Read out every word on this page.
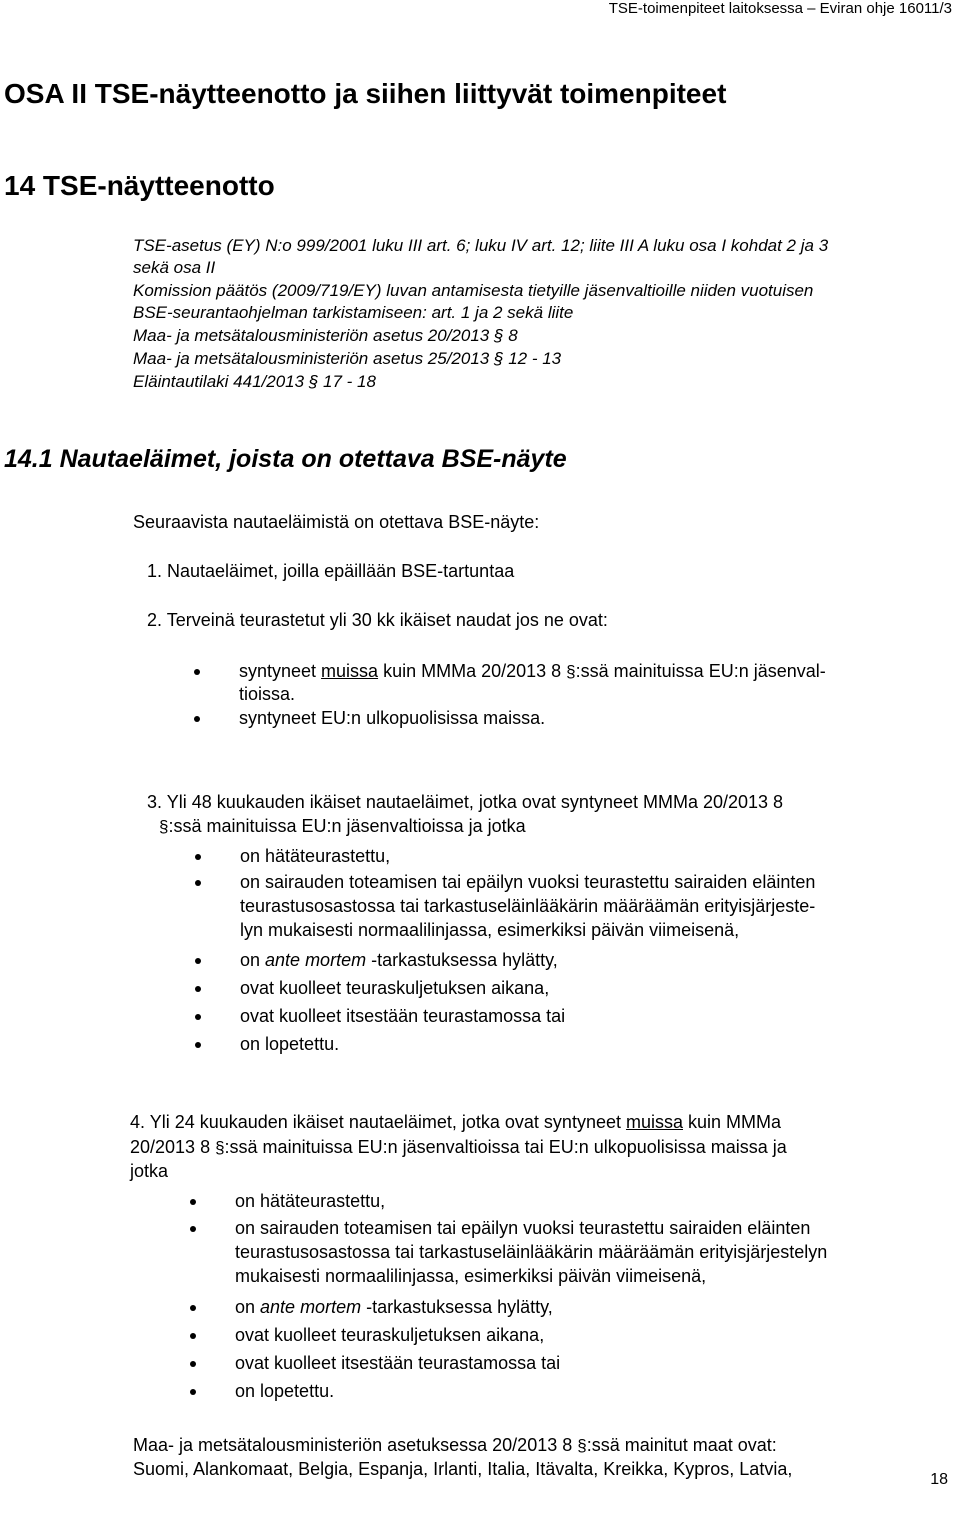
TSE-toimenpiteet laitoksessa – Eviran ohje 16011/3
OSA II TSE-näytteenotto ja siihen liittyvät toimenpiteet
14 TSE-näytteenotto
TSE-asetus (EY) N:o 999/2001 luku III art. 6; luku IV art. 12; liite III A luku osa I kohdat 2 ja 3
sekä osa II
Komission päätös (2009/719/EY) luvan antamisesta tietyille jäsenvaltioille niiden vuotuisen
BSE-seurantaohjelman tarkistamiseen: art. 1 ja 2 sekä liite
Maa- ja metsätalousministeriön asetus 20/2013 § 8
Maa- ja metsätalousministeriön asetus 25/2013 § 12 - 13
Eläintautilaki 441/2013 § 17 - 18
14.1 Nautaeläimet, joista on otettava BSE-näyte
Seuraavista nautaeläimistä on otettava BSE-näyte:
1. Nautaeläimet, joilla epäillään BSE-tartuntaa
2. Terveinä teurastetut yli 30 kk ikäiset naudat jos ne ovat:
syntyneet muissa kuin MMMa 20/2013 8 §:ssä mainituissa EU:n jäsenval-
tioissa.
syntyneet EU:n ulkopuolisissa maissa.
3. Yli 48 kuukauden ikäiset nautaeläimet, jotka ovat syntyneet MMMa 20/2013 8
§:ssä mainituissa EU:n jäsenvaltioissa ja jotka
on hätäteurastettu,
on sairauden toteamisen tai epäilyn vuoksi teurastettu sairaiden eläinten
teurastusosastossa tai tarkastuseläinlääkärin määräämän erityisjärjeste-
lyn mukaisesti normaalilinjassa, esimerkiksi päivän viimeisenä,
on ante mortem -tarkastuksessa hylätty,
ovat kuolleet teuraskuljetuksen aikana,
ovat kuolleet itsestään teurastamossa tai
on lopetettu.
4. Yli 24 kuukauden ikäiset nautaeläimet, jotka ovat syntyneet muissa kuin MMMa
20/2013 8 §:ssä mainituissa EU:n jäsenvaltioissa tai EU:n ulkopuolisissa maissa ja
jotka
on hätäteurastettu,
on sairauden toteamisen tai epäilyn vuoksi teurastettu sairaiden eläinten
teurastusosastossa tai tarkastuseläinlääkärin määräämän erityisjärjestelyn
mukaisesti normaalilinjassa, esimerkiksi päivän viimeisenä,
on ante mortem -tarkastuksessa hylätty,
ovat kuolleet teuraskuljetuksen aikana,
ovat kuolleet itsestään teurastamossa tai
on lopetettu.
Maa- ja metsätalousministeriön asetuksessa 20/2013 8 §:ssä mainitut maat ovat:
Suomi, Alankomaat, Belgia, Espanja, Irlanti, Italia, Itävalta, Kreikka, Kypros, Latvia,
18
